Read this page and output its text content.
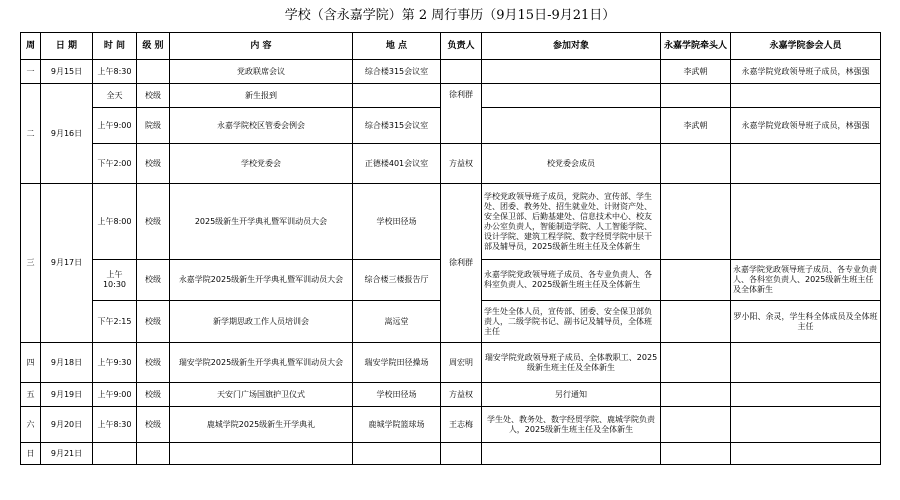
学校（含永嘉学院）第 2 周行事历（9月15日-9月21日）
周	日 期	时 间	级 别	内 容	地 点	负责人	参加对象	永嘉学院牵头人	永嘉学院参会人员
一	9月15日	上午8:30		党政联席会议	综合楼315会议室			李武朝	永嘉学院党政领导班子成员，林强强
二	9月16日	全天	校级	新生报到		徐利群			
		上午9:00	院级	永嘉学院校区管委会例会	综合楼315会议室			李武朝	永嘉学院党政领导班子成员，林强强
		下午2:00	校级	学校党委会	正德楼401会议室	方益权	校党委会成员		
三	9月17日	上午8:00	校级	2025级新生开学典礼暨军训动员大会	学校田径场	徐利群	学校党政领导班子成员，党院办、宣传部、学生处、团委、教务处、招生就业处、计财资产处、安全保卫部、后勤基建处、信息技术中心、校友办公室负责人，智能制造学院、人工智能学院、设计学院、建筑工程学院、数字经贸学院中层干部及辅导员，2025级新生班主任及全体新生		
		上午10:30	校级	永嘉学院2025级新生开学典礼暨军训动员大会	综合楼三楼报告厅		永嘉学院党政领导班子成员、各专业负责人、各科室负责人、2025级新生班主任及全体新生		永嘉学院党政领导班子成员、各专业负责人、各科室负责人、2025级新生班主任及全体新生
		下午2:15	校级	新学期思政工作人员培训会	嵩远堂		学生处全体人员，宣传部、团委、安全保卫部负责人，二级学院书记、副书记及辅导员，全体班主任		罗小阳、余灵，学生科全体成员及全体班主任
四	9月18日	上午9:30	校级	瑞安学院2025级新生开学典礼暨军训动员大会	瑞安学院田径操场	周宏明	瑞安学院党政领导班子成员、全体教职工、2025级新生班主任及全体新生		
五	9月19日	上午9:00	校级	天安门广场国旗护卫仪式	学校田径场	方益权	另行通知		
六	9月20日	上午8:30	校级	鹿城学院2025级新生开学典礼	鹿城学院篮球场	王志梅	学生处、教务处、数字经贸学院、鹿城学院负责人，2025级新生班主任及全体新生		
日	9月21日								
